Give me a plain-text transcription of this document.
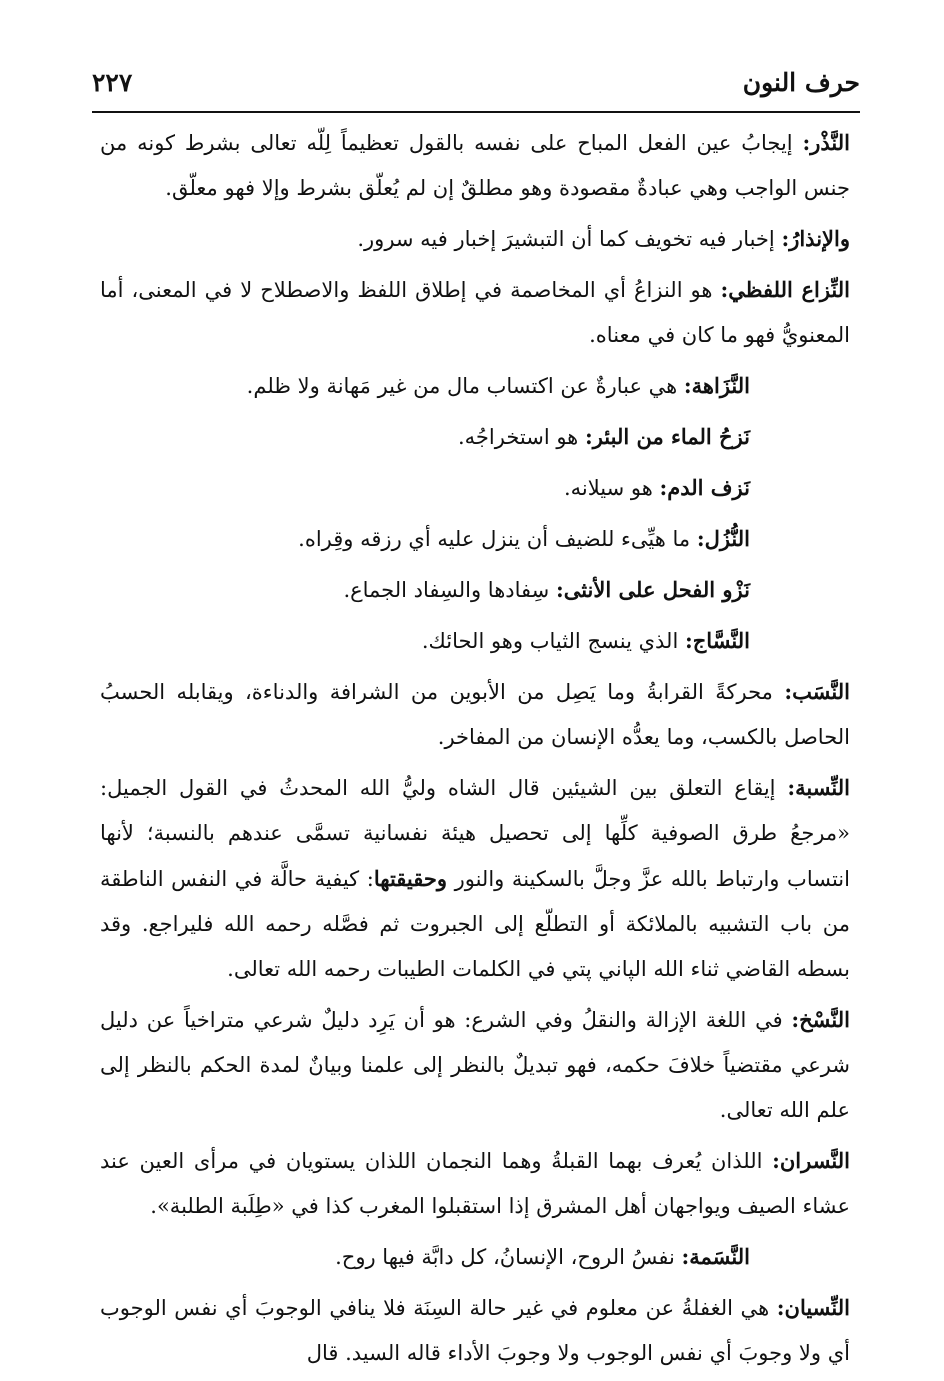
حرف النون
٢٢٧

النَّذْر: إيجابُ عين الفعل المباح على نفسه بالقول تعظيماً لِلّه تعالى بشرط كونه من جنس الواجب وهي عبادةٌ مقصودة وهو مطلقٌ إن لم يُعلّق بشرط وإلا فهو معلّق.

والإنذارُ: إخبار فيه تخويف كما أن التبشيرَ إخبار فيه سرور.

النِّزاع اللفظي: هو النزاعُ أي المخاصمة في إطلاق اللفظ والاصطلاح لا في المعنى، أما المعنويُّ فهو ما كان في معناه.

النَّزَاهة: هي عبارةٌ عن اكتساب مال من غير مَهانة ولا ظلم.

نَزحُ الماء من البئر: هو استخراجُه.

نَزف الدم: هو سيلانه.

النُّزُل: ما هيِّىء للضيف أن ينزل عليه أي رزقه وقِراه.

نَزْو الفحل على الأنثى: سِفادها والسِفاد الجماع.

النَّسَّاج: الذي ينسج الثياب وهو الحائك.

النَّسَب: محركةً القرابةُ وما يَصِل من الأبوين من الشرافة والدناءة، ويقابله الحسبُ الحاصل بالكسب، وما يعدُّه الإنسان من المفاخر.

النِّسبة: إيقاع التعلق بين الشيئين قال الشاه وليُّ الله المحدثُ في القول الجميل: «مرجعُ طرق الصوفية كلِّها إلى تحصيل هيئة نفسانية تسمَّى عندهم بالنسبة؛ لأنها انتساب وارتباط بالله عزَّ وجلَّ بالسكينة والنور وحقيقتها: كيفية حالَّة في النفس الناطقة من باب التشبيه بالملائكة أو التطلّع إلى الجبروت ثم فصَّله رحمه الله فليراجع. وقد بسطه القاضي ثناء الله الپاني پتي في الكلمات الطيبات رحمه الله تعالى.

النَّسْخ: في اللغة الإزالة والنقلُ وفي الشرع: هو أن يَرِد دليلٌ شرعي متراخياً عن دليل شرعي مقتضياً خلافَ حكمه، فهو تبديلٌ بالنظر إلى علمنا وبيانٌ لمدة الحكم بالنظر إلى علم الله تعالى.

النَّسران: اللذان يُعرف بهما القبلةُ وهما النجمان اللذان يستويان في مرأى العين عند عشاء الصيف ويواجهان أهل المشرق إذا استقبلوا المغرب كذا في «طِلَبة الطلبة».

النَّسَمة: نفسُ الروح، الإنسانُ، كل دابَّة فيها روح.

النِّسيان: هي الغفلةُ عن معلوم في غير حالة السِنَة فلا ينافي الوجوبَ أي نفس الوجوب أي ولا وجوبَ أي نفس الوجوب ولا وجوبَ الأداء قاله السيد. قال
